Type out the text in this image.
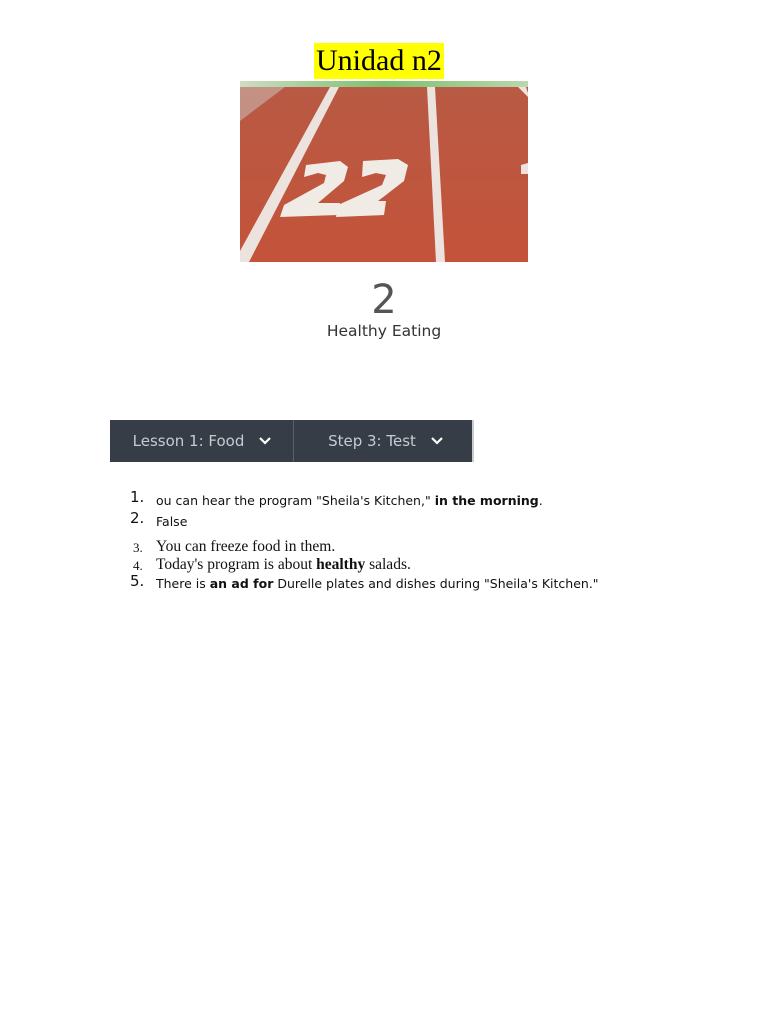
Unidad n2
2
Healthy Eating
Lesson 1: Food	Step 3: Test
1. ou can hear the program "Sheila's Kitchen," in the morning.
2. False
3. You can freeze food in them.
4. Today's program is about healthy salads.
5. There is an ad for Durelle plates and dishes during "Sheila's Kitchen."
